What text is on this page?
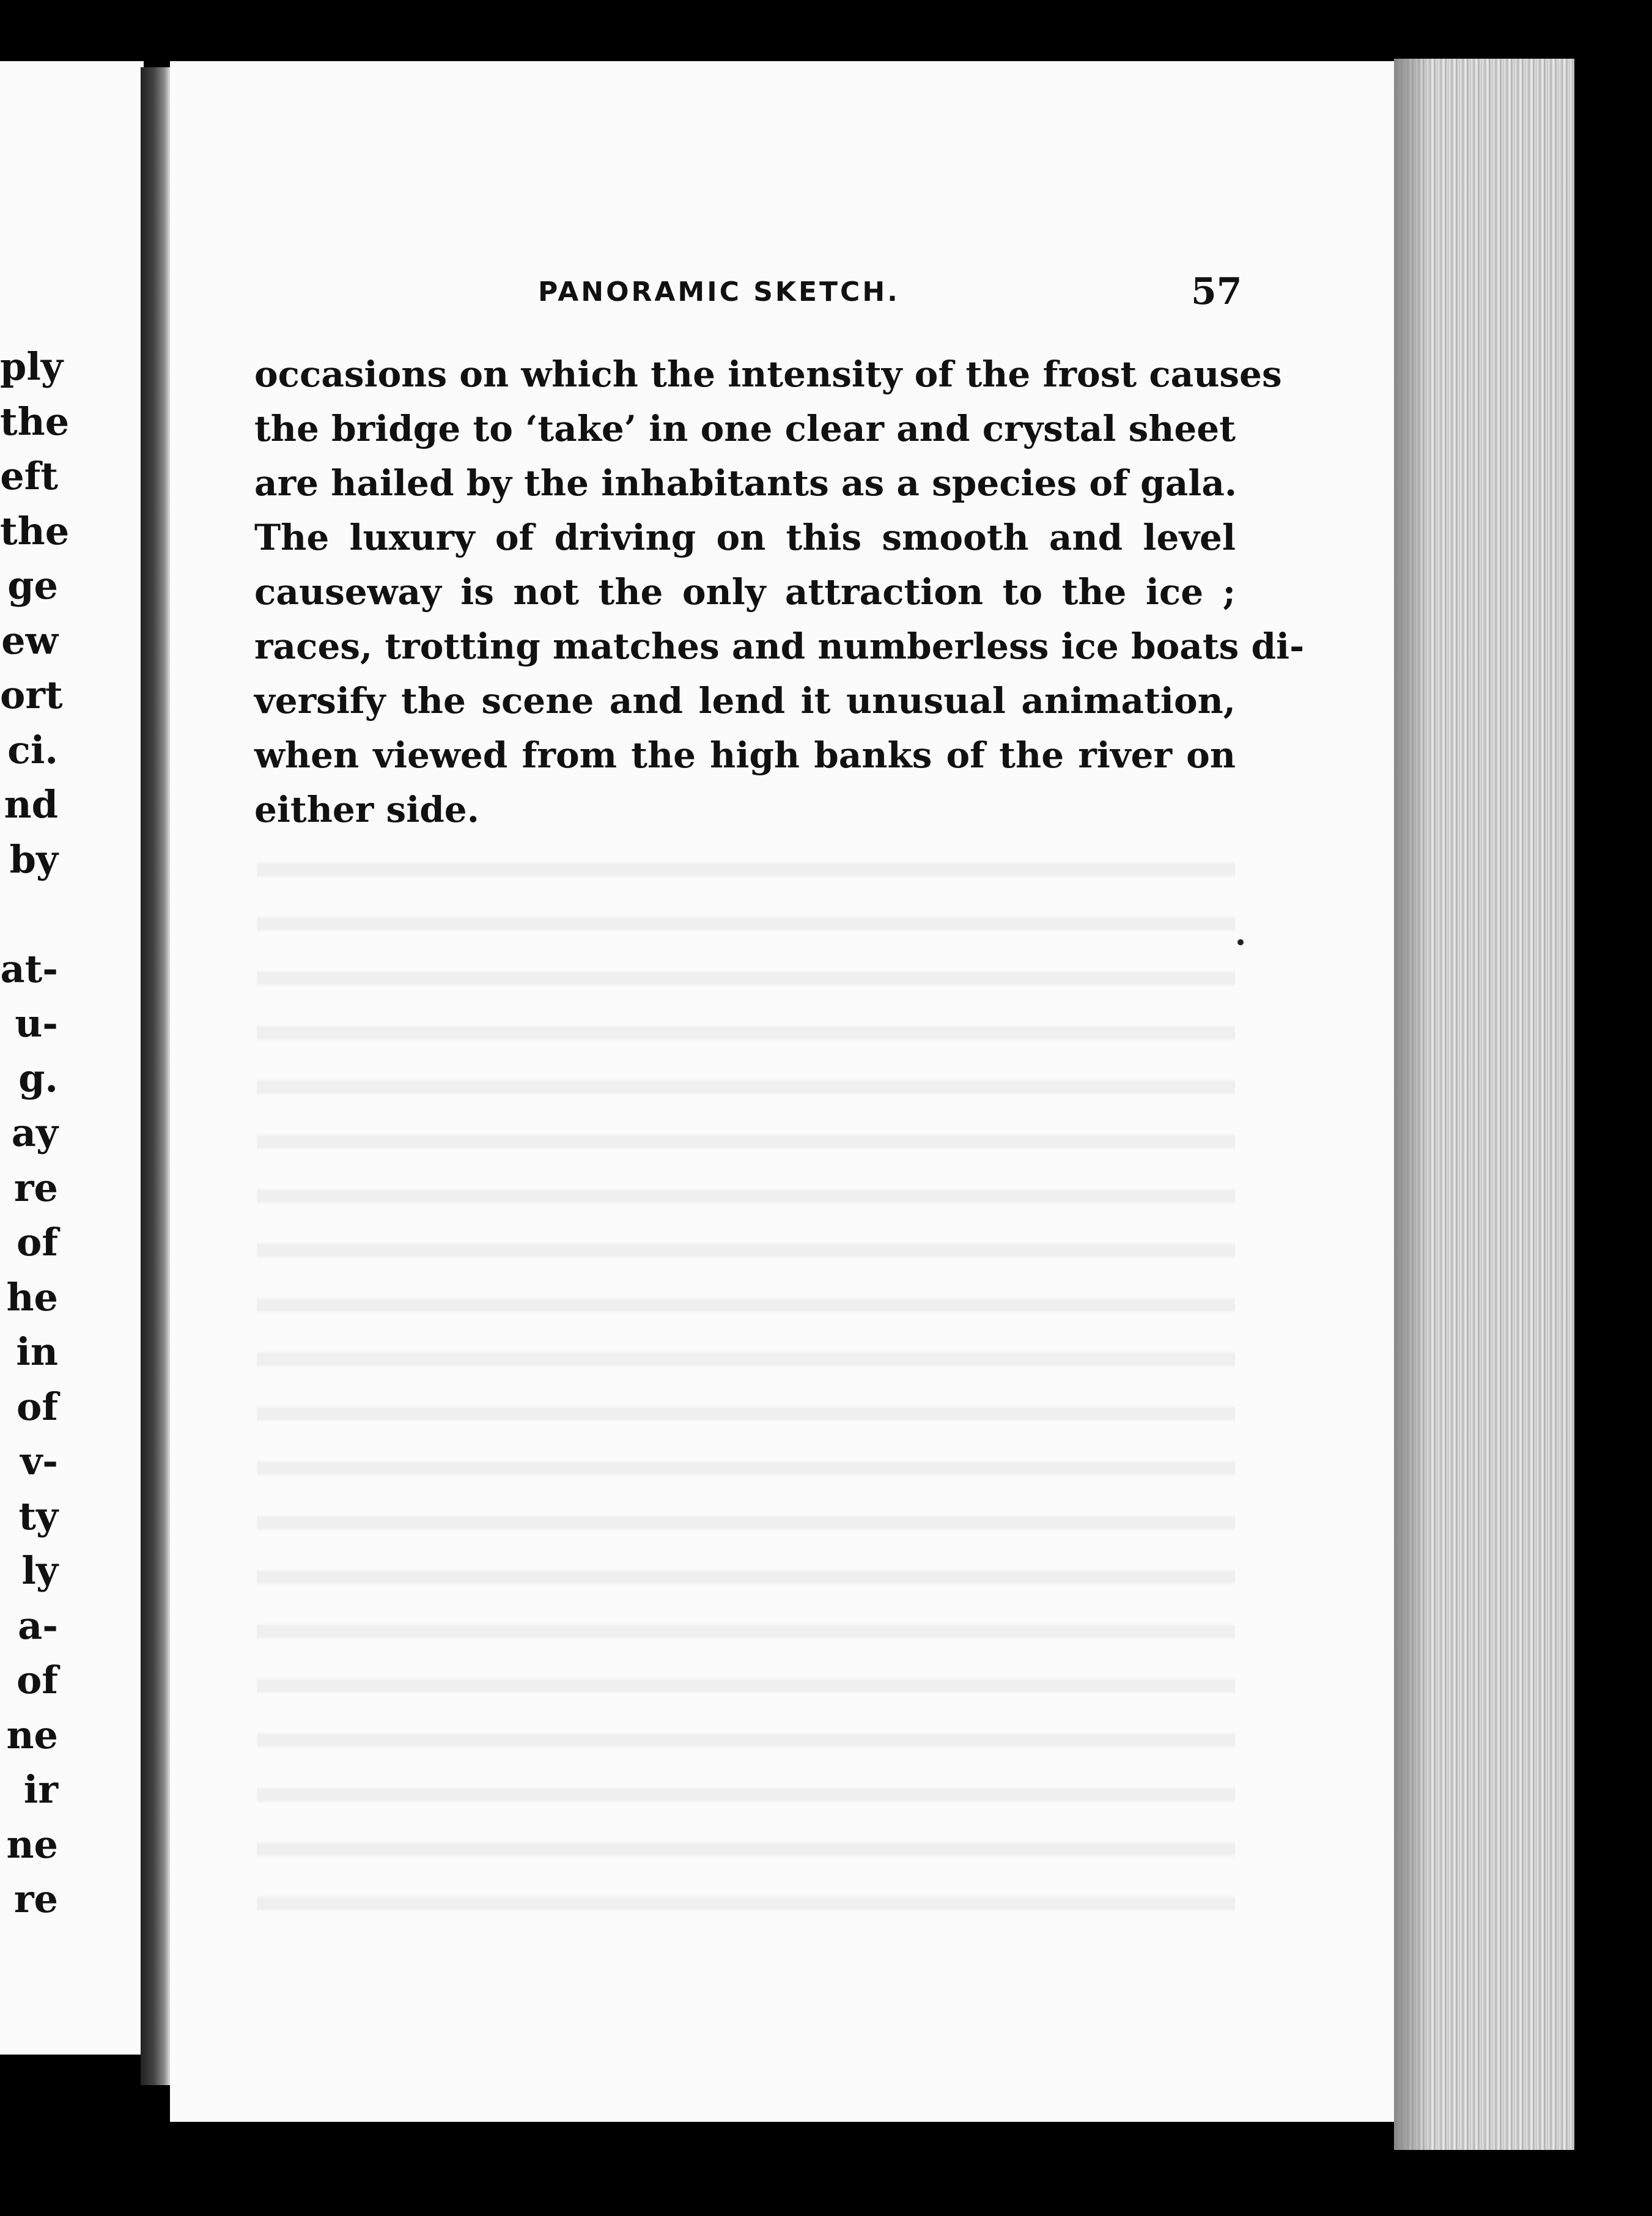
ply
the
eft
the
ge
ew
ort
ci.
nd
by

at-
u-
g.
ay
re
of
he
in
of
v-
ty
ly
a-
of
ne
ir
ne
re
PANORAMIC SKETCH.	57
occasions on which the intensity of the frost causes
the bridge to ‘take’ in one clear and crystal sheet
are hailed by the inhabitants as a species of gala.
The luxury of driving on this smooth and level
causeway is not the only attraction to the ice ;
races, trotting matches and numberless ice boats di-
versify the scene and lend it unusual animation,
when viewed from the high banks of the river on
either side.
